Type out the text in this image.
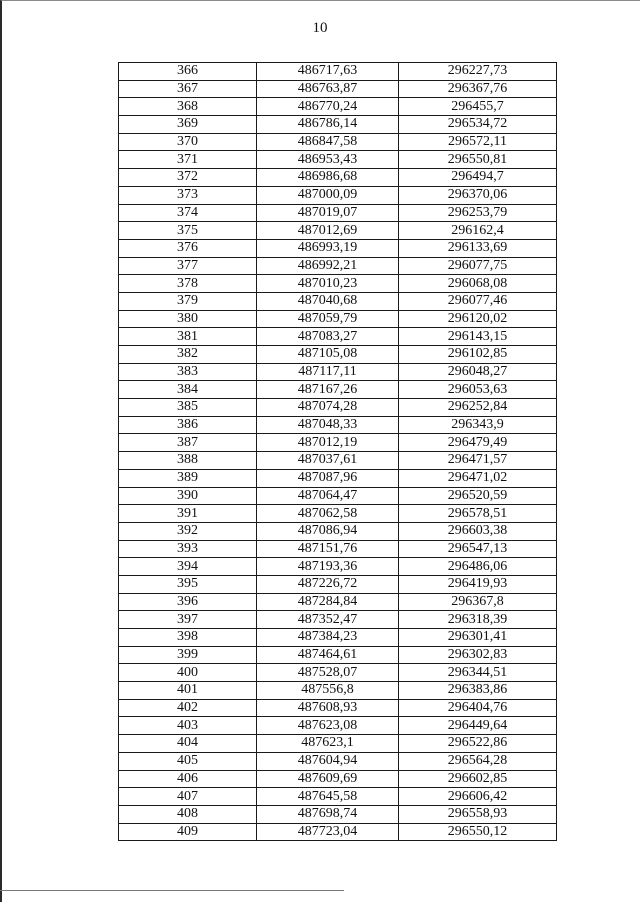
10
366	486717,63	296227,73
367	486763,87	296367,76
368	486770,24	296455,7
369	486786,14	296534,72
370	486847,58	296572,11
371	486953,43	296550,81
372	486986,68	296494,7
373	487000,09	296370,06
374	487019,07	296253,79
375	487012,69	296162,4
376	486993,19	296133,69
377	486992,21	296077,75
378	487010,23	296068,08
379	487040,68	296077,46
380	487059,79	296120,02
381	487083,27	296143,15
382	487105,08	296102,85
383	487117,11	296048,27
384	487167,26	296053,63
385	487074,28	296252,84
386	487048,33	296343,9
387	487012,19	296479,49
388	487037,61	296471,57
389	487087,96	296471,02
390	487064,47	296520,59
391	487062,58	296578,51
392	487086,94	296603,38
393	487151,76	296547,13
394	487193,36	296486,06
395	487226,72	296419,93
396	487284,84	296367,8
397	487352,47	296318,39
398	487384,23	296301,41
399	487464,61	296302,83
400	487528,07	296344,51
401	487556,8	296383,86
402	487608,93	296404,76
403	487623,08	296449,64
404	487623,1	296522,86
405	487604,94	296564,28
406	487609,69	296602,85
407	487645,58	296606,42
408	487698,74	296558,93
409	487723,04	296550,12
